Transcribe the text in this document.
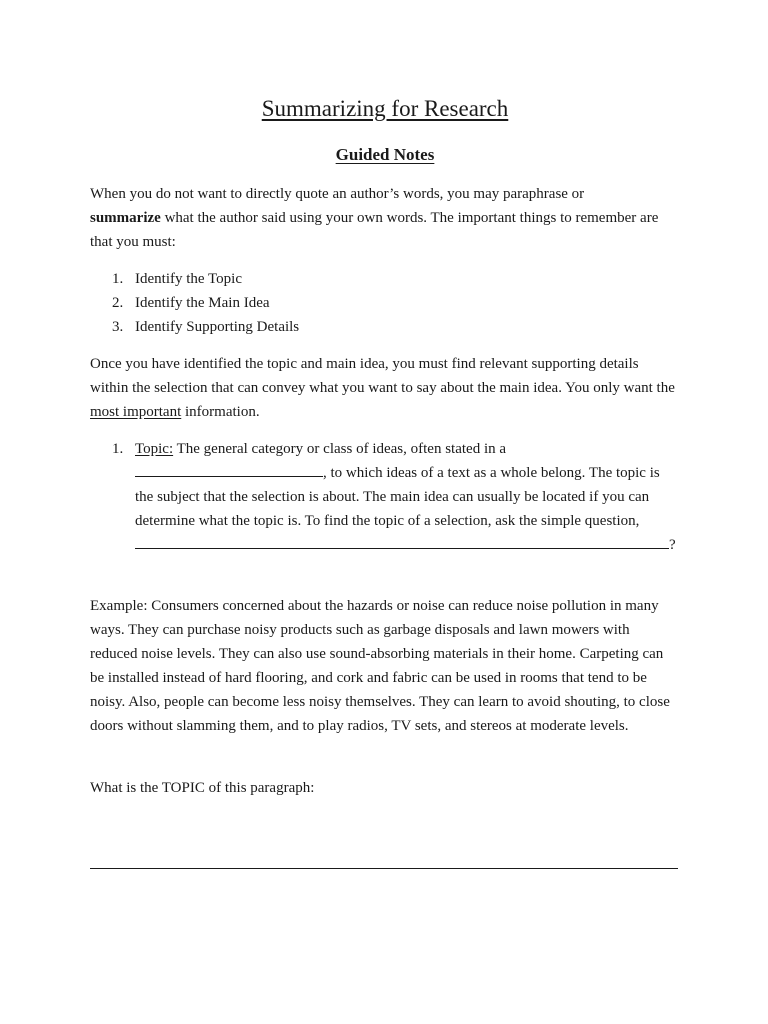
Summarizing for Research
Guided Notes

When you do not want to directly quote an author’s words, you may paraphrase or
summarize what the author said using your own words. The important things to remember are that you must:

1. Identify the Topic
2. Identify the Main Idea
3. Identify Supporting Details

Once you have identified the topic and main idea, you must find relevant supporting details within the selection that can convey what you want to say about the main idea. You only want the most important information.

1. Topic: The general category or class of ideas, often stated in a
, to which ideas of a text as a whole belong. The topic is the subject that the selection is about. The main idea can usually be located if you can determine what the topic is. To find the topic of a selection, ask the simple question,
?

Example: Consumers concerned about the hazards or noise can reduce noise pollution in many ways. They can purchase noisy products such as garbage disposals and lawn mowers with reduced noise levels. They can also use sound-absorbing materials in their home. Carpeting can be installed instead of hard flooring, and cork and fabric can be used in rooms that tend to be noisy. Also, people can become less noisy themselves. They can learn to avoid shouting, to close doors without slamming them, and to play radios, TV sets, and stereos at moderate levels.

What is the TOPIC of this paragraph:
